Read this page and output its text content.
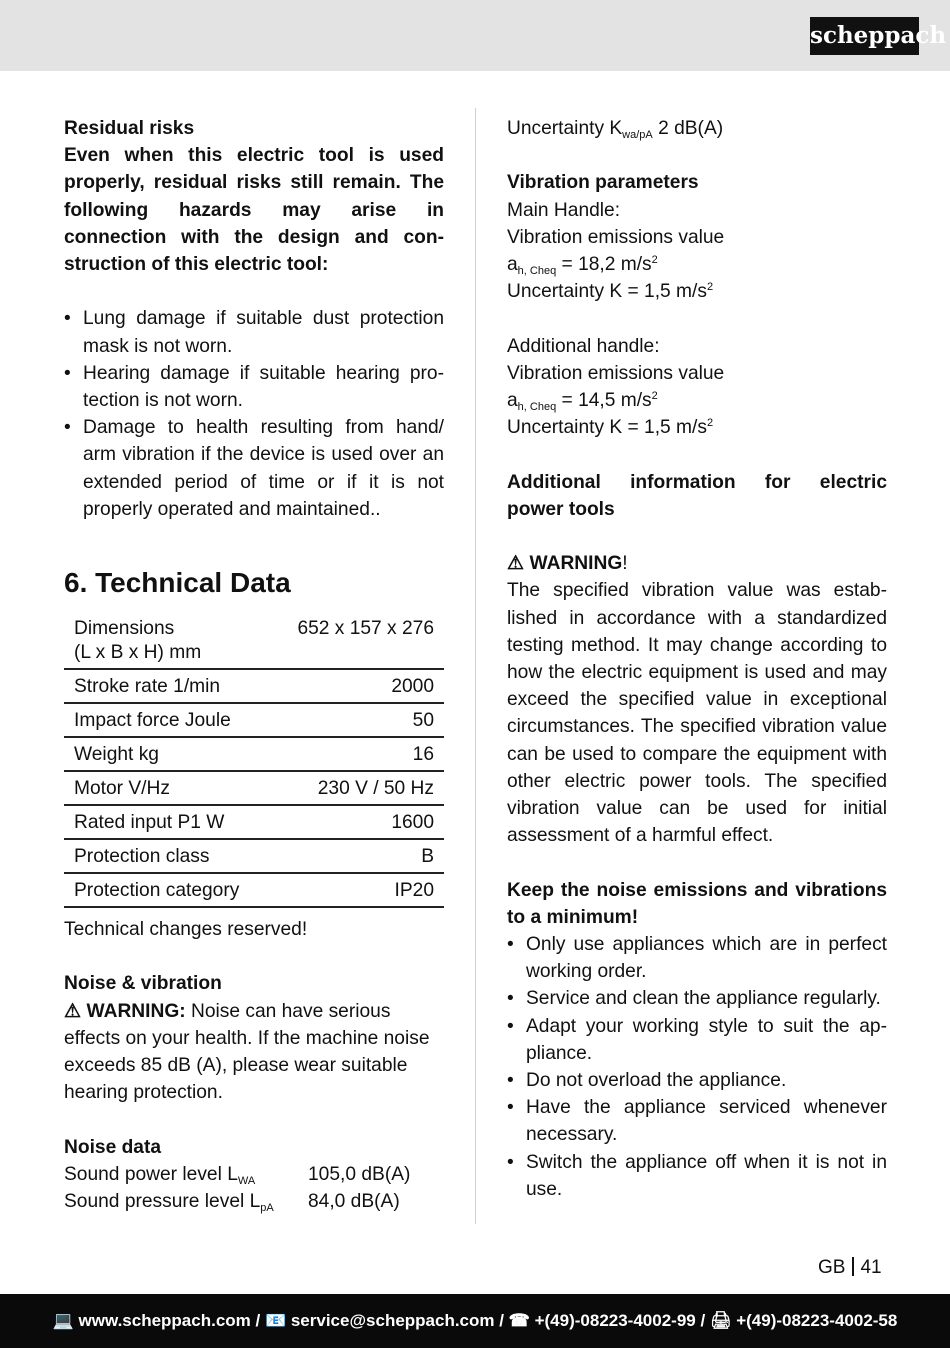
scheppach

Residual risks

Even when this electric tool is used properly, residual risks still remain. The following hazards may arise in connection with the design and construction of this electric tool:

• Lung damage if suitable dust protection mask is not worn.
• Hearing damage if suitable hearing protection is not worn.
• Damage to health resulting from hand/ arm vibration if the device is used over an extended period of time or if it is not properly operated and maintained..
6. Technical Data
Dimensions
(L x B x H) mm	652 x 157 x 276
Stroke rate 1/min	2000
Impact force Joule	50
Weight kg	16
Motor V/Hz	230 V / 50 Hz
Rated input P1 W	1600
Protection class	B
Protection category	IP20

Technical changes reserved!

Noise & vibration

⚠ WARNING: Noise can have serious effects on your health. If the machine noise exceeds 85 dB (A), please wear suitable hearing protection.

Noise data

Sound power level $L_{WA}$	105,0 dB(A)
Sound pressure level $L_{pA}$	84,0 dB(A)

Uncertainty $K_{wa/pA}$ 2 dB(A)

Vibration parameters

Main Handle:

Vibration emissions value

$a_{h, Cheq} = 18,2$ $m/s^2$

Uncertainty K = 1,5 $m/s^2$

Additional handle:

Vibration emissions value

$a_{h, Cheq} = 14,5$ $m/s^2$

Uncertainty K = 1,5 $m/s^2$

Additional information for electric

power tools

⚠ WARNING!

The specified vibration value was established in accordance with a standardized testing method. It may change according to how the electric equipment is used and may exceed the specified value in exceptional circumstances. The specified vibration value can be used to compare the equipment with other electric power tools. The specified vibration value can be used for initial assessment of a harmful effect.

Keep the noise emissions and vibrations to a minimum!

• Only use appliances which are in perfect working order.
• Service and clean the appliance regularly.
• Adapt your working style to suit the appliance.
• Do not overload the appliance.
• Have the appliance serviced whenever necessary.
• Switch the appliance off when it is not in use.
GB 41
💻 www.scheppach.com / 📧 service@scheppach.com / ☎ +(49)-08223-4002-99 / 🖨 +(49)-08223-4002-58
